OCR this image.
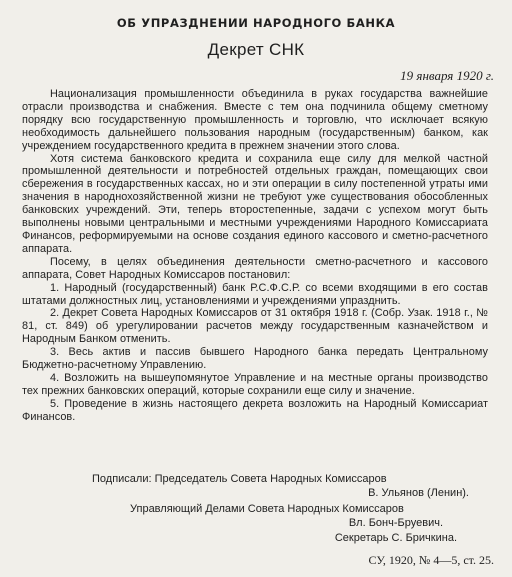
ОБ УПРАЗДНЕНИИ НАРОДНОГО БАНКА
Декрет СНК
19 января 1920 г.

Национализация промышленности объединила в руках государства важнейшие отрасли производства и снабжения. Вместе с тем она подчинила общему сметному порядку всю государственную промышленность и торговлю, что исключает всякую необходимость дальнейшего пользования народным (государственным) банком, как учреждением государственного кредита в прежнем значении этого слова.

Хотя система банковского кредита и сохранила еще силу для мелкой частной промышленной деятельности и потребностей отдельных граждан, помещающих свои сбережения в государственных кассах, но и эти операции в силу постепенной утраты ими значения в народнохозяйственной жизни не требуют уже существования обособленных банковских учреждений. Эти, теперь второстепенные, задачи с успехом могут быть выполнены новыми центральными и местными учреждениями Народного Комиссариата Финансов, реформируемыми на основе создания единого кассового и сметно-расчетного аппарата.

Посему, в целях объединения деятельности сметно-расчетного и кассового аппарата, Совет Народных Комиссаров постановил:

1. Народный (государственный) банк Р.С.Ф.С.Р. со всеми входящими в его состав штатами должностных лиц, установлениями и учреждениями упразднить.

2. Декрет Совета Народных Комиссаров от 31 октября 1918 г. (Собр. Узак. 1918 г., № 81, ст. 849) об урегулировании расчетов между государственным казначейством и Народным Банком отменить.

3. Весь актив и пассив бывшего Народного банка передать Центральному Бюджетно-расчетному Управлению.

4. Возложить на вышеупомянутое Управление и на местные органы производство тех прежних банковских операций, которые сохранили еще силу и значение.

5. Проведение в жизнь настоящего декрета возложить на Народный Комиссариат Финансов.

Подписали: Председатель Совета Народных Комиссаров
В. Ульянов (Ленин).
Управляющий Делами Совета Народных Комиссаров
Вл. Бонч-Бруевич.
Секретарь С. Бричкина.
СУ, 1920, № 4—5, ст. 25.
